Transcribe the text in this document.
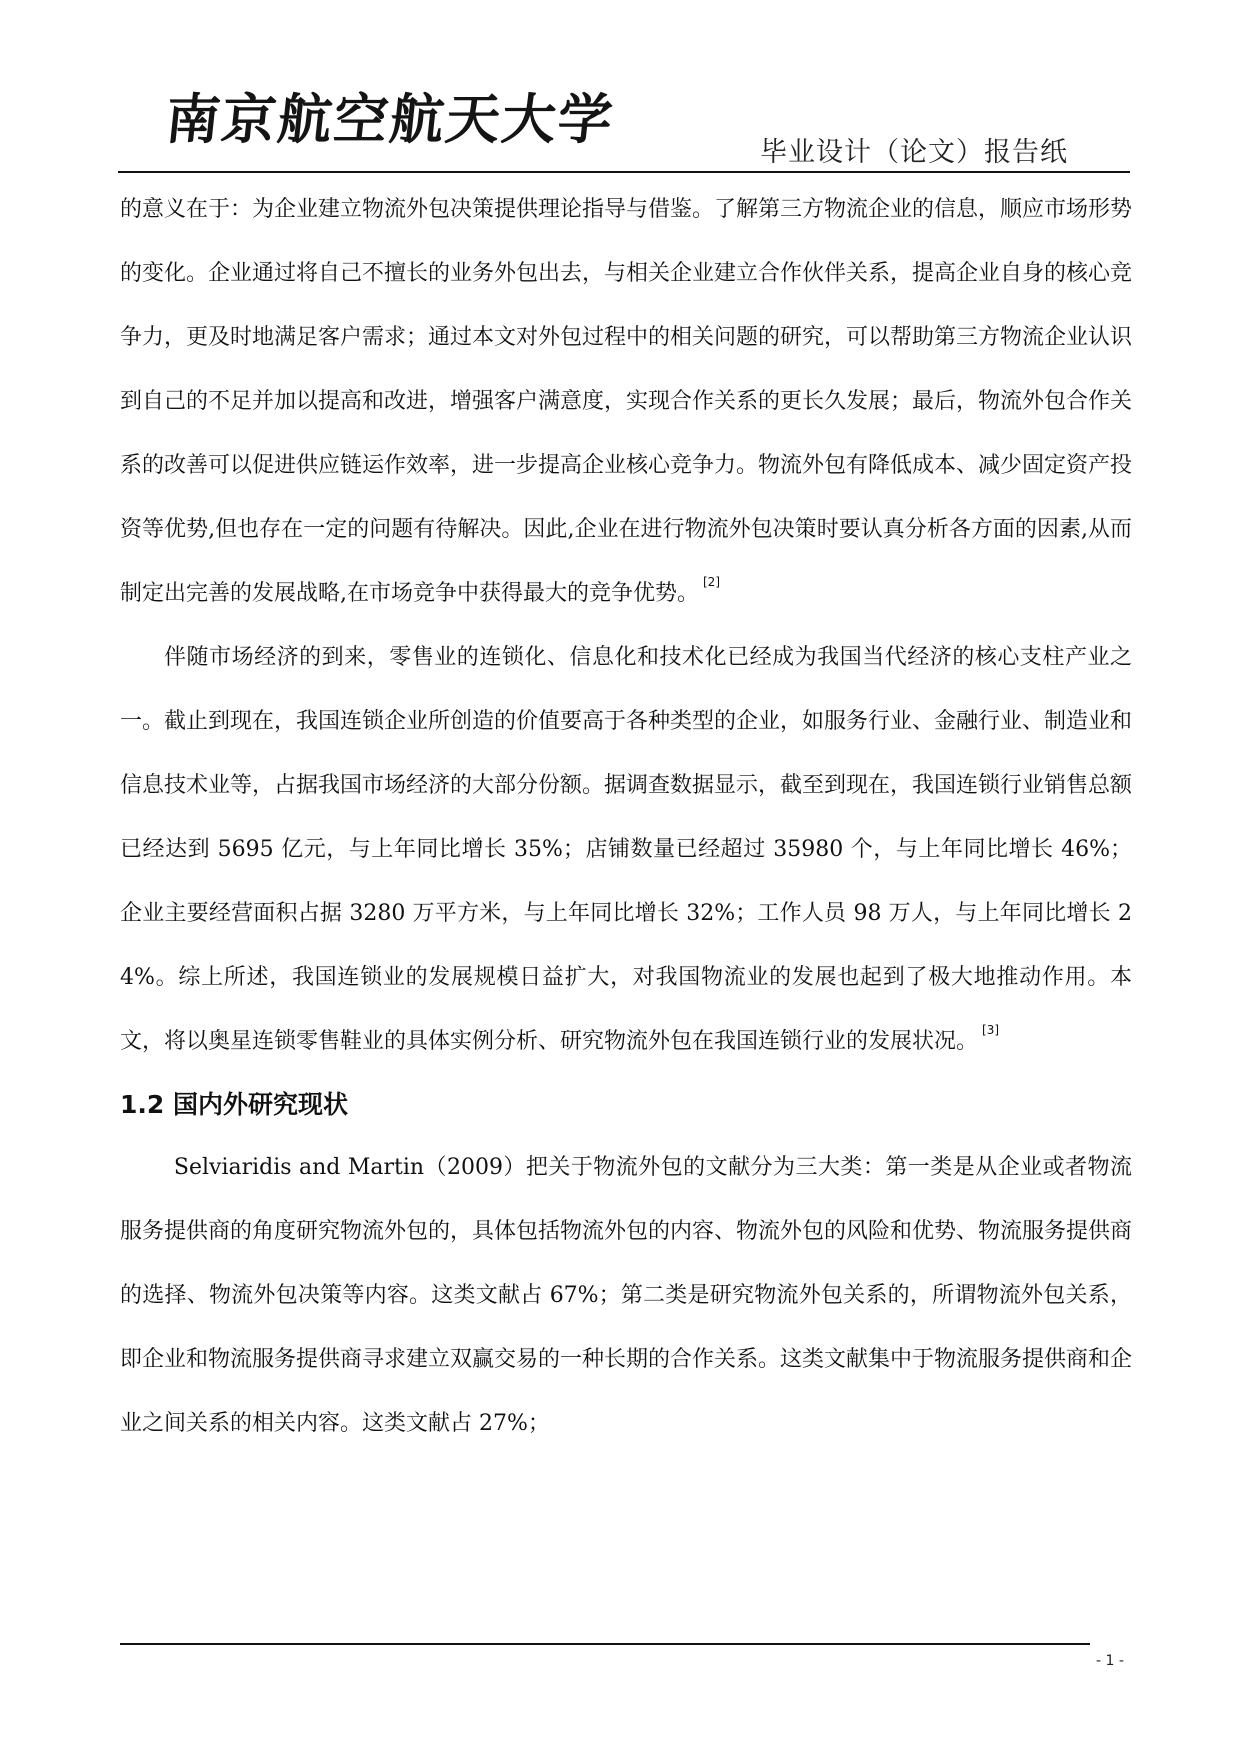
南京航空航天大学
毕业设计（论文）报告纸

的意义在于：为企业建立物流外包决策提供理论指导与借鉴。了解第三方物流企业的信息，顺应市场形势的变化。企业通过将自己不擅长的业务外包出去，与相关企业建立合作伙伴关系，提高企业自身的核心竞争力，更及时地满足客户需求；通过本文对外包过程中的相关问题的研究，可以帮助第三方物流企业认识到自己的不足并加以提高和改进，增强客户满意度，实现合作关系的更长久发展；最后，物流外包合作关系的改善可以促进供应链运作效率，进一步提高企业核心竞争力。物流外包有降低成本、减少固定资产投资等优势,但也存在一定的问题有待解决。因此,企业在进行物流外包决策时要认真分析各方面的因素,从而制定出完善的发展战略,在市场竞争中获得最大的竞争优势。 [2]

伴随市场经济的到来，零售业的连锁化、信息化和技术化已经成为我国当代经济的核心支柱产业之一。截止到现在，我国连锁企业所创造的价值要高于各种类型的企业，如服务行业、金融行业、制造业和信息技术业等，占据我国市场经济的大部分份额。据调查数据显示，截至到现在，我国连锁行业销售总额已经达到 5695 亿元，与上年同比增长 35%；店铺数量已经超过 35980 个，与上年同比增长 46%；企业主要经营面积占据 3280 万平方米，与上年同比增长 32%；工作人员 98 万人，与上年同比增长 24%。综上所述，我国连锁业的发展规模日益扩大，对我国物流业的发展也起到了极大地推动作用。本文，将以奥星连锁零售鞋业的具体实例分析、研究物流外包在我国连锁行业的发展状况。 [3]

1.2 国内外研究现状

Selviaridis and Martin（2009）把关于物流外包的文献分为三大类：第一类是从企业或者物流服务提供商的角度研究物流外包的，具体包括物流外包的内容、物流外包的风险和优势、物流服务提供商的选择、物流外包决策等内容。这类文献占 67%；第二类是研究物流外包关系的，所谓物流外包关系，即企业和物流服务提供商寻求建立双赢交易的一种长期的合作关系。这类文献集中于物流服务提供商和企业之间关系的相关内容。这类文献占 27%；

- 1 -
